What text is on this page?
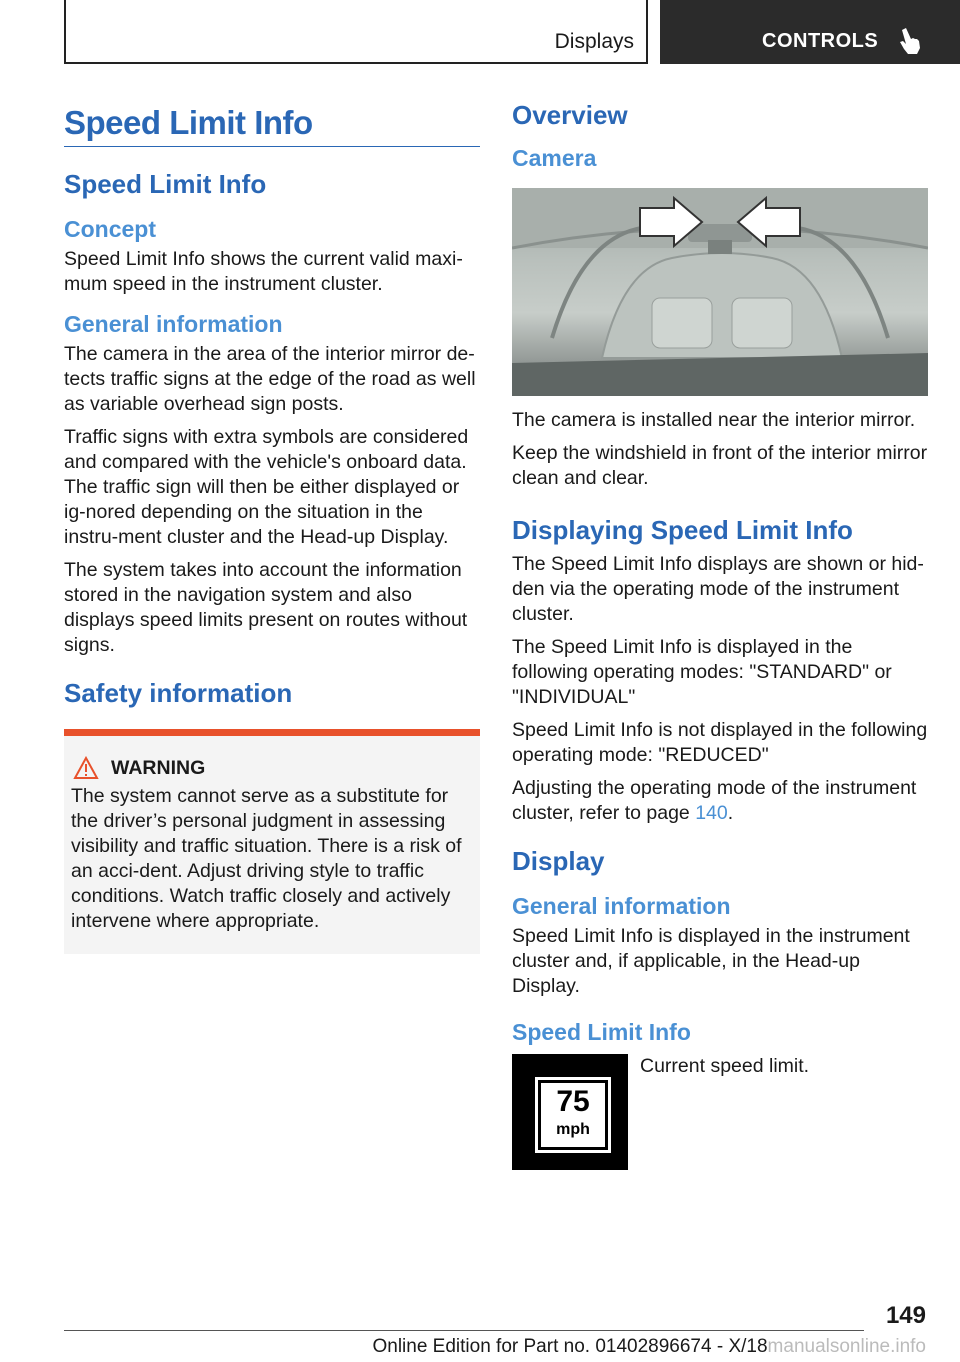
Displays	CONTROLS
Speed Limit Info
Speed Limit Info
Concept

Speed Limit Info shows the current valid maxi-mum speed in the instrument cluster.

General information

The camera in the area of the interior mirror de-tects traffic signs at the edge of the road as well as variable overhead sign posts.

Traffic signs with extra symbols are considered and compared with the vehicle's onboard data. The traffic sign will then be either displayed or ig-nored depending on the situation in the instru-ment cluster and the Head-up Display.

The system takes into account the information stored in the navigation system and also displays speed limits present on routes without signs.

Safety information
WARNING

The system cannot serve as a substitute for the driver’s personal judgment in assessing visibility and traffic situation. There is a risk of an acci-dent. Adjust driving style to traffic conditions. Watch traffic closely and actively intervene where appropriate.

Overview
Camera

The camera is installed near the interior mirror.

Keep the windshield in front of the interior mirror clean and clear.

Displaying Speed Limit Info

The Speed Limit Info displays are shown or hid-den via the operating mode of the instrument cluster.

The Speed Limit Info is displayed in the following operating modes: "STANDARD" or "INDIVIDUAL"

Speed Limit Info is not displayed in the following operating mode: "REDUCED"

Adjusting the operating mode of the instrument cluster, refer to page 140.

Display
General information

Speed Limit Info is displayed in the instrument cluster and, if applicable, in the Head-up Display.

Speed Limit Info
75
mph

Current speed limit.

149
Online Edition for Part no. 01402896674 - X/18manualsonline.info
